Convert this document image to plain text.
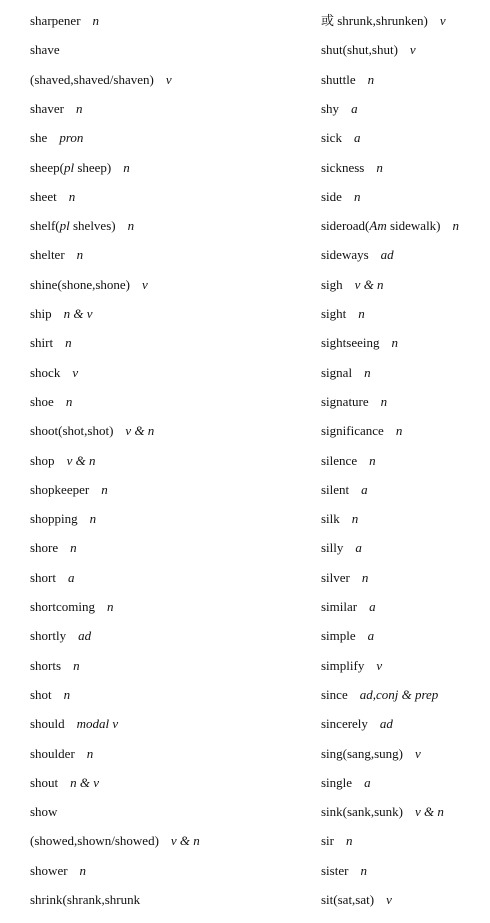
sharpener n
shave
(shaved,shaved/shaven) v
shaver n
she pron
sheep(pl sheep) n
sheet n
shelf(pl shelves) n
shelter n
shine(shone,shone) v
ship n & v
shirt n
shock v
shoe n
shoot(shot,shot) v & n
shop v & n
shopkeeper n
shopping n
shore n
short a
shortcoming n
shortly ad
shorts n
shot n
should modal v
shoulder n
shout n & v
show
(showed,shown/showed) v & n
shower n
shrink(shrank,shrunk
或 shrunk,shrunken) v
shut(shut,shut) v
shuttle n
shy a
sick a
sickness n
side n
sideroad(Am sidewalk) n
sideways ad
sigh v & n
sight n
sightseeing n
signal n
signature n
significance n
silence n
silent a
silk n
silly a
silver n
similar a
simple a
simplify v
since ad,conj & prep
sincerely ad
sing(sang,sung) v
single a
sink(sank,sunk) v & n
sir n
sister n
sit(sat,sat) v
